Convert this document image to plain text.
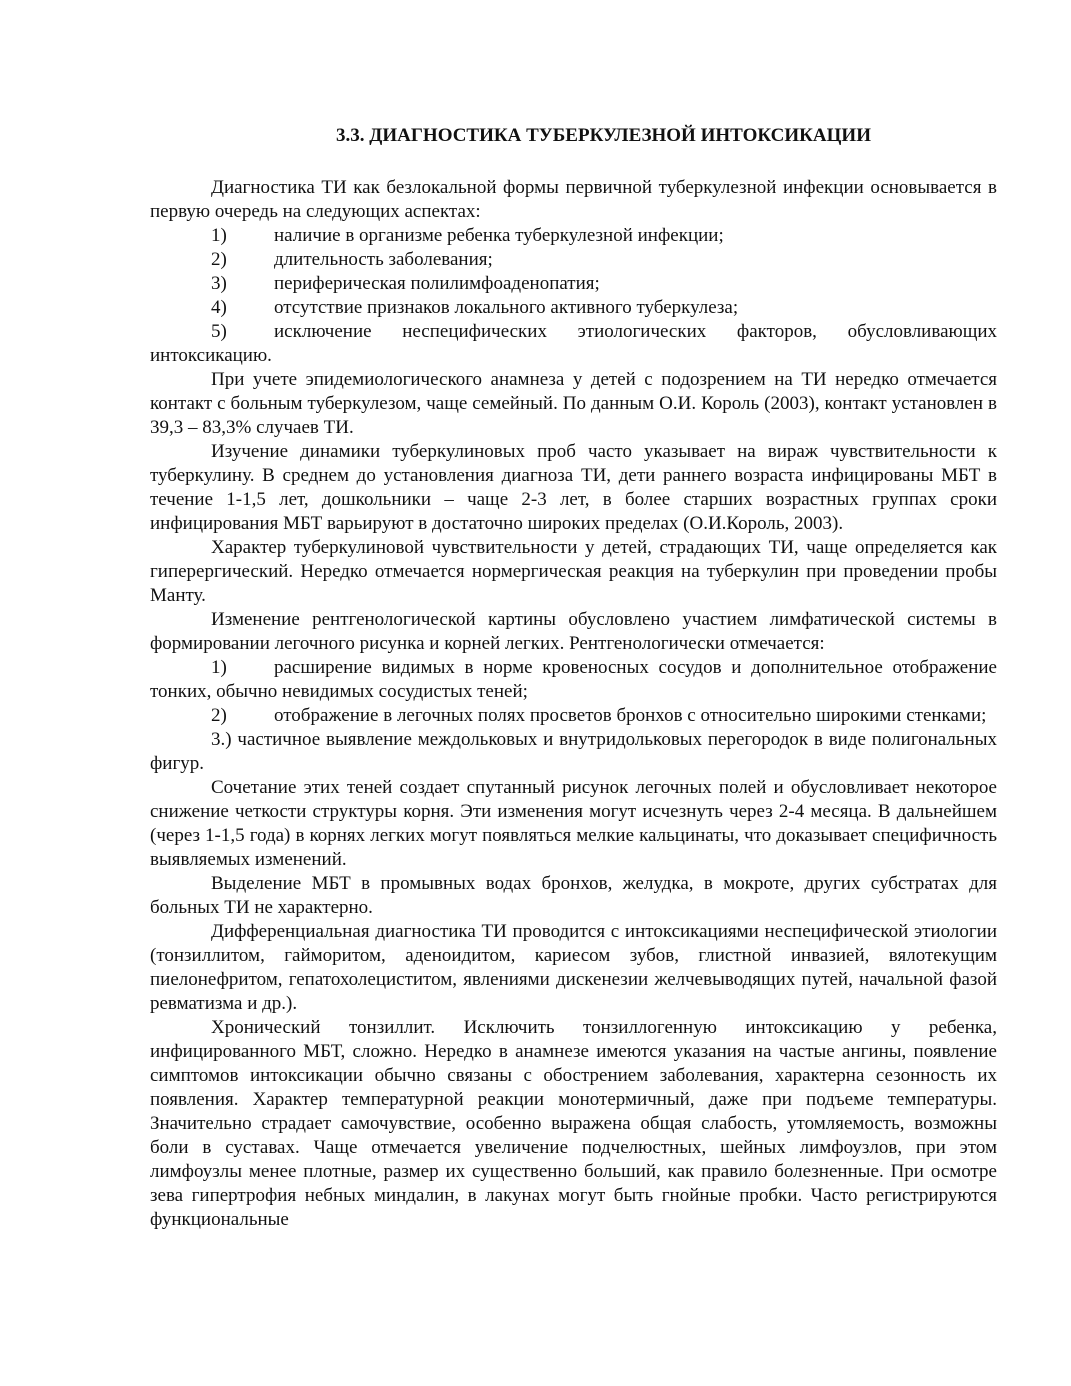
3.3. ДИАГНОСТИКА ТУБЕРКУЛЕЗНОЙ ИНТОКСИКАЦИИ

Диагностика ТИ как безлокальной формы первичной туберкулезной инфекции основывается в первую очередь на следующих аспектах:

1) наличие в организме ребенка туберкулезной инфекции;

2) длительность заболевания;

3) периферическая полилимфоаденопатия;

4) отсутствие признаков локального активного туберкулеза;

5) исключение неспецифических этиологических факторов, обусловливающих интоксикацию.

При учете эпидемиологического анамнеза у детей с подозрением на ТИ нередко отмечается контакт с больным туберкулезом, чаще семейный. По данным О.И. Король (2003), контакт установлен в 39,3 – 83,3% случаев ТИ.

Изучение динамики туберкулиновых проб часто указывает на вираж чувствительности к туберкулину. В среднем до установления диагноза ТИ, дети раннего возраста инфицированы МБТ в течение 1-1,5 лет, дошкольники – чаще 2-3 лет, в более старших возрастных группах сроки инфицирования МБТ варьируют в достаточно широких пределах (О.И.Король, 2003).

Характер туберкулиновой чувствительности у детей, страдающих ТИ, чаще определяется как гиперергический. Нередко отмечается нормергическая реакция на туберкулин при проведении пробы Манту.

Изменение рентгенологической картины обусловлено участием лимфатической системы в формировании легочного рисунка и корней легких. Рентгенологически отмечается:

1) расширение видимых в норме кровеносных сосудов и дополнительное отображение тонких, обычно невидимых сосудистых теней;

2) отображение в легочных полях просветов бронхов с относительно широкими стенками;

3.) частичное выявление междольковых и внутридольковых перегородок в виде полигональных фигур.

Сочетание этих теней создает спутанный рисунок легочных полей и обусловливает некоторое снижение четкости структуры корня. Эти изменения могут исчезнуть через 2-4 месяца. В дальнейшем (через 1-1,5 года) в корнях легких могут появляться мелкие кальцинаты, что доказывает специфичность выявляемых изменений.

Выделение МБТ в промывных водах бронхов, желудка, в мокроте, других субстратах для больных ТИ не характерно.

Дифференциальная диагностика ТИ проводится с интоксикациями неспецифической этиологии (тонзиллитом, гайморитом, аденоидитом, кариесом зубов, глистной инвазией, вялотекущим пиелонефритом, гепатохолециститом, явлениями дискенезии желчевыводящих путей, начальной фазой ревматизма и др.).

Хронический тонзиллит. Исключить тонзиллогенную интоксикацию у ребенка, инфицированного МБТ, сложно. Нередко в анамнезе имеются указания на частые ангины, появление симптомов интоксикации обычно связаны с обострением заболевания, характерна сезонность их появления. Характер температурной реакции монотермичный, даже при подъеме температуры. Значительно страдает самочувствие, особенно выражена общая слабость, утомляемость, возможны боли в суставах. Чаще отмечается увеличение подчелюстных, шейных лимфоузлов, при этом лимфоузлы менее плотные, размер их существенно больший, как правило болезненные. При осмотре зева гипертрофия небных миндалин, в лакунах могут быть гнойные пробки. Часто регистрируются функциональные
